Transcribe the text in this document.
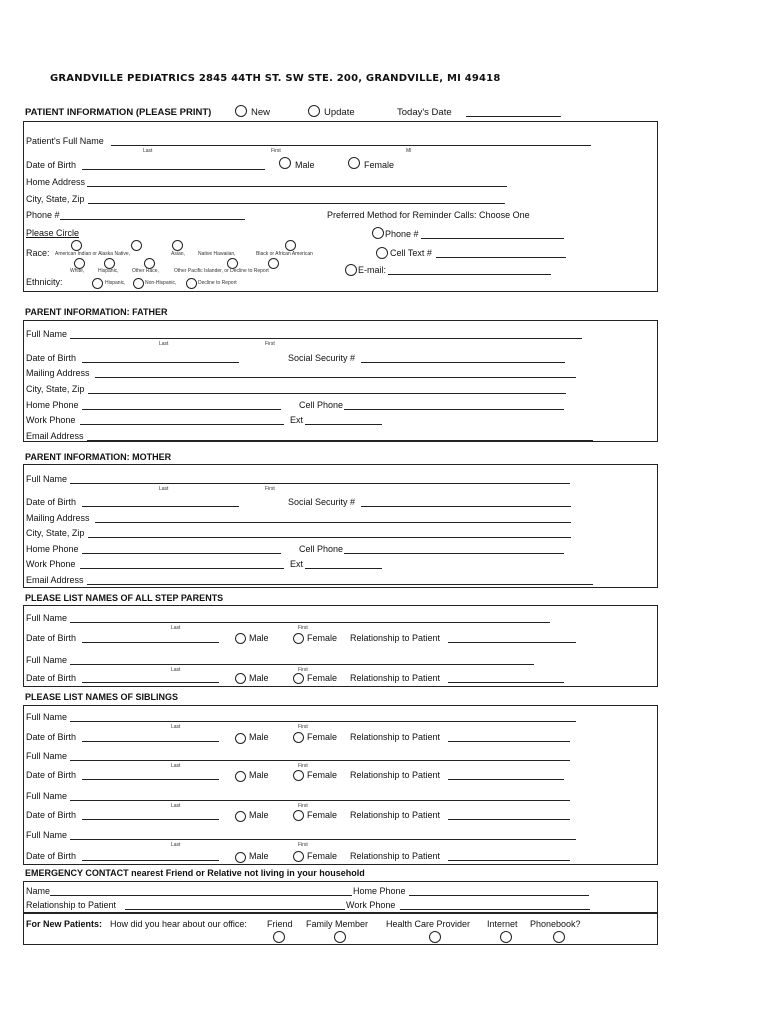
GRANDVILLE PEDIATRICS 2845 44TH ST. SW STE. 200, GRANDVILLE, MI 49418
PATIENT INFORMATION (PLEASE PRINT)	New	Update	Today's Date
Patient's Full Name
Last	First	MI
Date of Birth	Male	Female
Home Address
City, State, Zip
Phone #	Preferred Method for Reminder Calls: Choose One
Please Circle	Phone #
Race: American Indian or Alaska Native,	Asian,	Native Hawaiian,	Black or African American	Cell Text #
White,	Hispanic,	Other Race,	Other Pacific Islander, or Decline to Report	E-mail:
Ethnicity:	Hispanic,	Non-Hispanic,	Decline to Report
PARENT INFORMATION: FATHER
Full Name
Last	First
Date of Birth	Social Security #
Mailing Address
City, State, Zip
Home Phone	Cell Phone
Work Phone	Ext
Email Address
PARENT INFORMATION: MOTHER
Full Name
Last	First
Date of Birth	Social Security #
Mailing Address
City, State, Zip
Home Phone	Cell Phone
Work Phone	Ext
Email Address
PLEASE LIST NAMES OF ALL STEP PARENTS
Full Name
Last	First
Date of Birth	Male	Female Relationship to Patient
Full Name
Last	First
Date of Birth	Male	Female Relationship to Patient
PLEASE LIST NAMES OF SIBLINGS
Full Name
Last	First
Date of Birth	Male	Female Relationship to Patient
Full Name
Last	First
Date of Birth	Male	Female Relationship to Patient
Full Name
Last	First
Date of Birth	Male	Female Relationship to Patient
Full Name
Last	First
Date of Birth	Male	Female Relationship to Patient
EMERGENCY CONTACT nearest Friend or Relative not living in your household
Name	Home Phone
Relationship to Patient	Work Phone
For New Patients: How did you hear about our office: Friend Family Member Health Care Provider Internet Phonebook?
